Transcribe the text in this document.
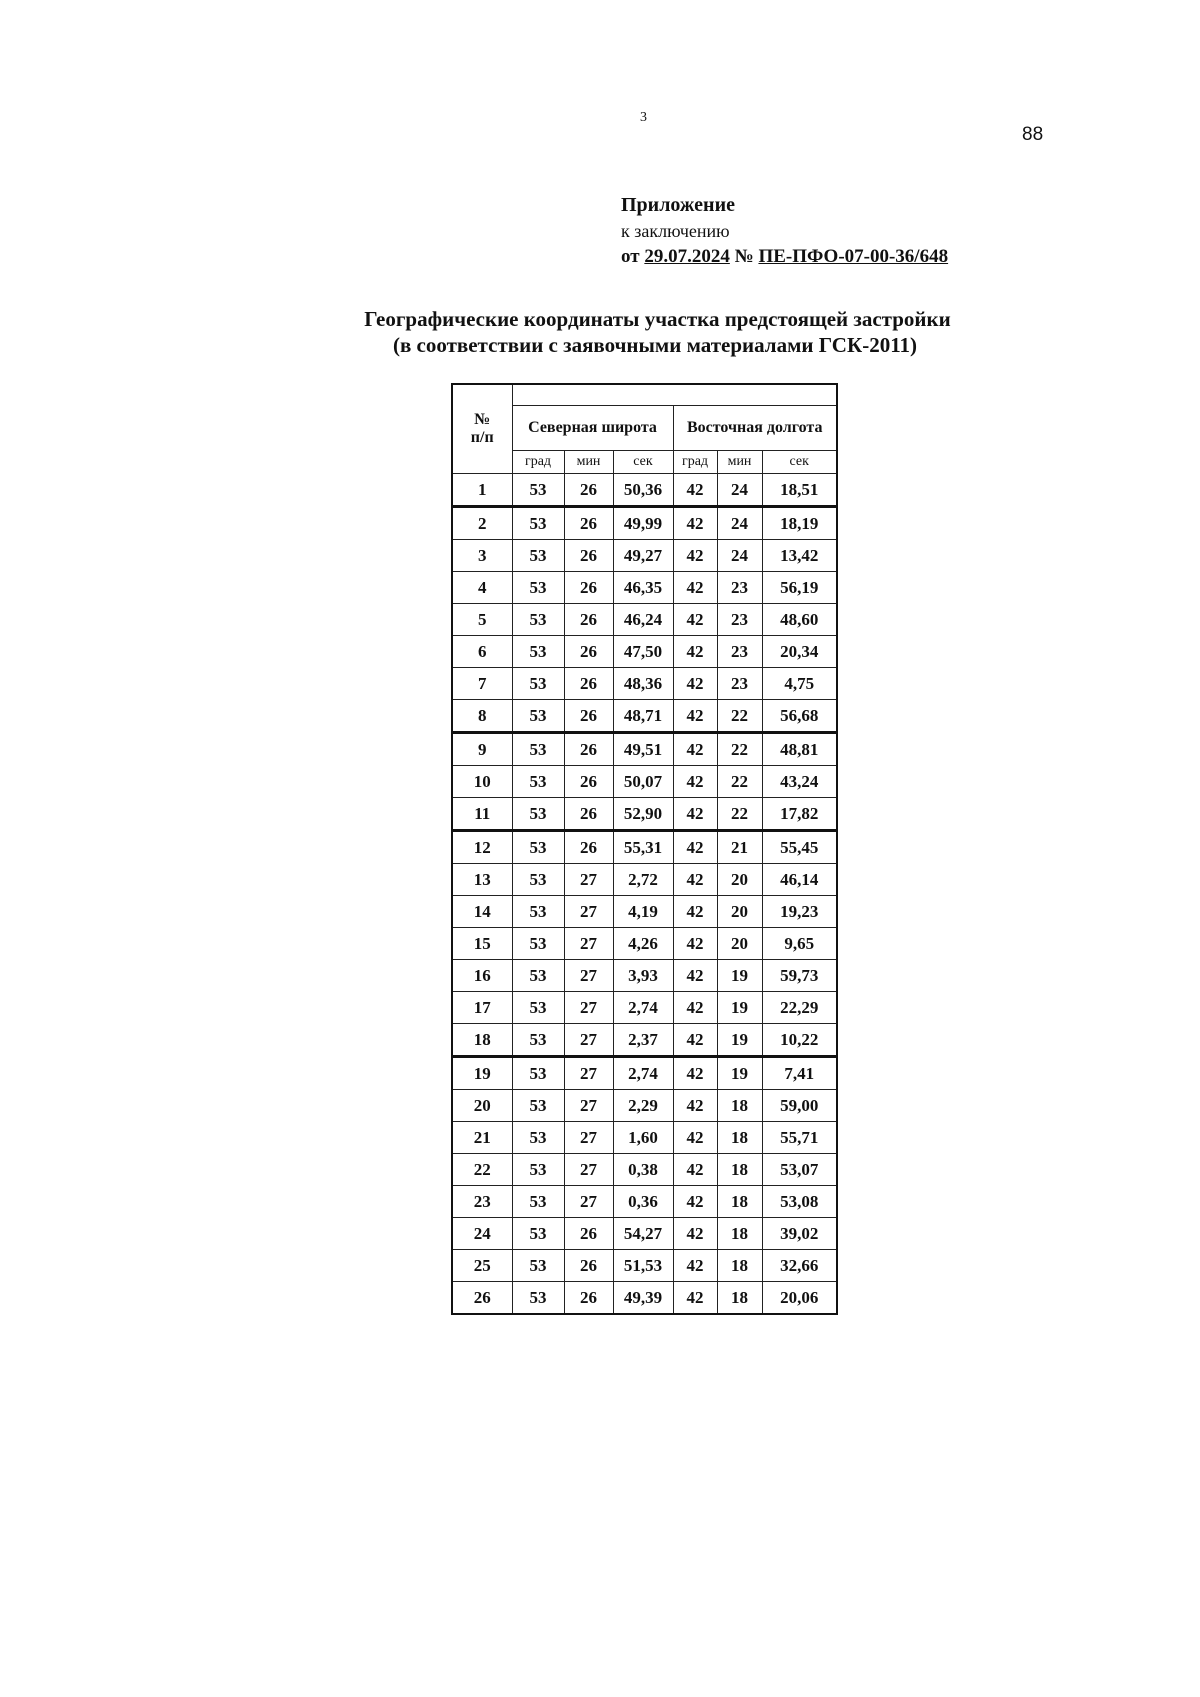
3
88
Приложение
к заключению
от 29.07.2024 № ПЕ-ПФО-07-00-36/648
Географические координаты участка предстоящей застройки
(в соответствии с заявочными материалами ГСК-2011)
№
п/п						
	Северная широта			Восточная долгота		
	град	мин	сек	град	мин	сек
1	53	26	50,36	42	24	18,51
2	53	26	49,99	42	24	18,19
3	53	26	49,27	42	24	13,42
4	53	26	46,35	42	23	56,19
5	53	26	46,24	42	23	48,60
6	53	26	47,50	42	23	20,34
7	53	26	48,36	42	23	4,75
8	53	26	48,71	42	22	56,68
9	53	26	49,51	42	22	48,81
10	53	26	50,07	42	22	43,24
11	53	26	52,90	42	22	17,82
12	53	26	55,31	42	21	55,45
13	53	27	2,72	42	20	46,14
14	53	27	4,19	42	20	19,23
15	53	27	4,26	42	20	9,65
16	53	27	3,93	42	19	59,73
17	53	27	2,74	42	19	22,29
18	53	27	2,37	42	19	10,22
19	53	27	2,74	42	19	7,41
20	53	27	2,29	42	18	59,00
21	53	27	1,60	42	18	55,71
22	53	27	0,38	42	18	53,07
23	53	27	0,36	42	18	53,08
24	53	26	54,27	42	18	39,02
25	53	26	51,53	42	18	32,66
26	53	26	49,39	42	18	20,06
